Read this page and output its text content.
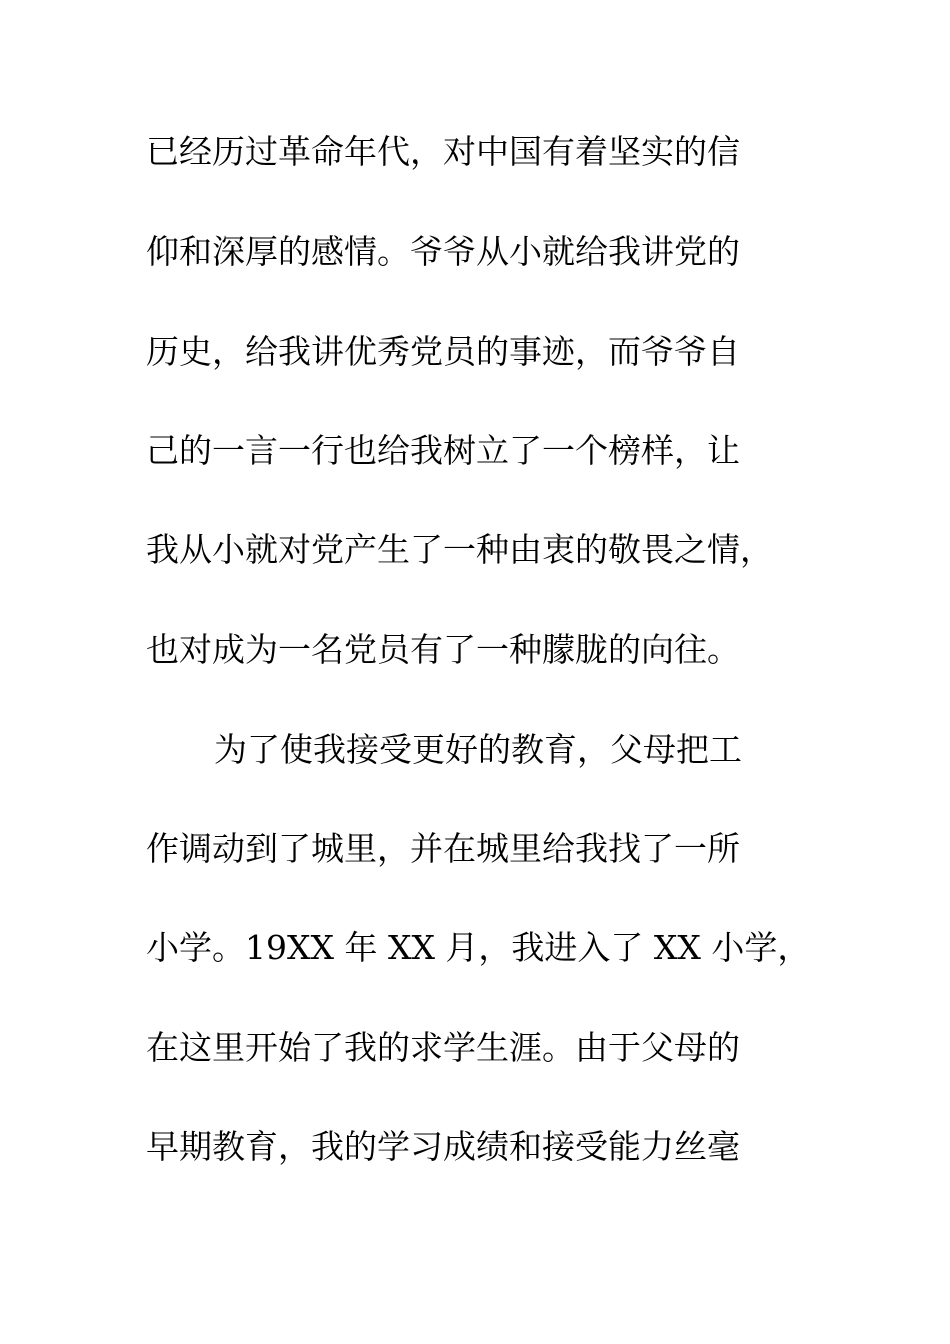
已经历过革命年代，对中国有着坚实的信
仰和深厚的感情。爷爷从小就给我讲党的
历史，给我讲优秀党员的事迹，而爷爷自
己的一言一行也给我树立了一个榜样，让
我从小就对党产生了一种由衷的敬畏之情，
也对成为一名党员有了一种朦胧的向往。
为了使我接受更好的教育，父母把工
作调动到了城里，并在城里给我找了一所
小学。19XX 年 XX 月，我进入了 XX 小学，
在这里开始了我的求学生涯。由于父母的
早期教育，我的学习成绩和接受能力丝毫
